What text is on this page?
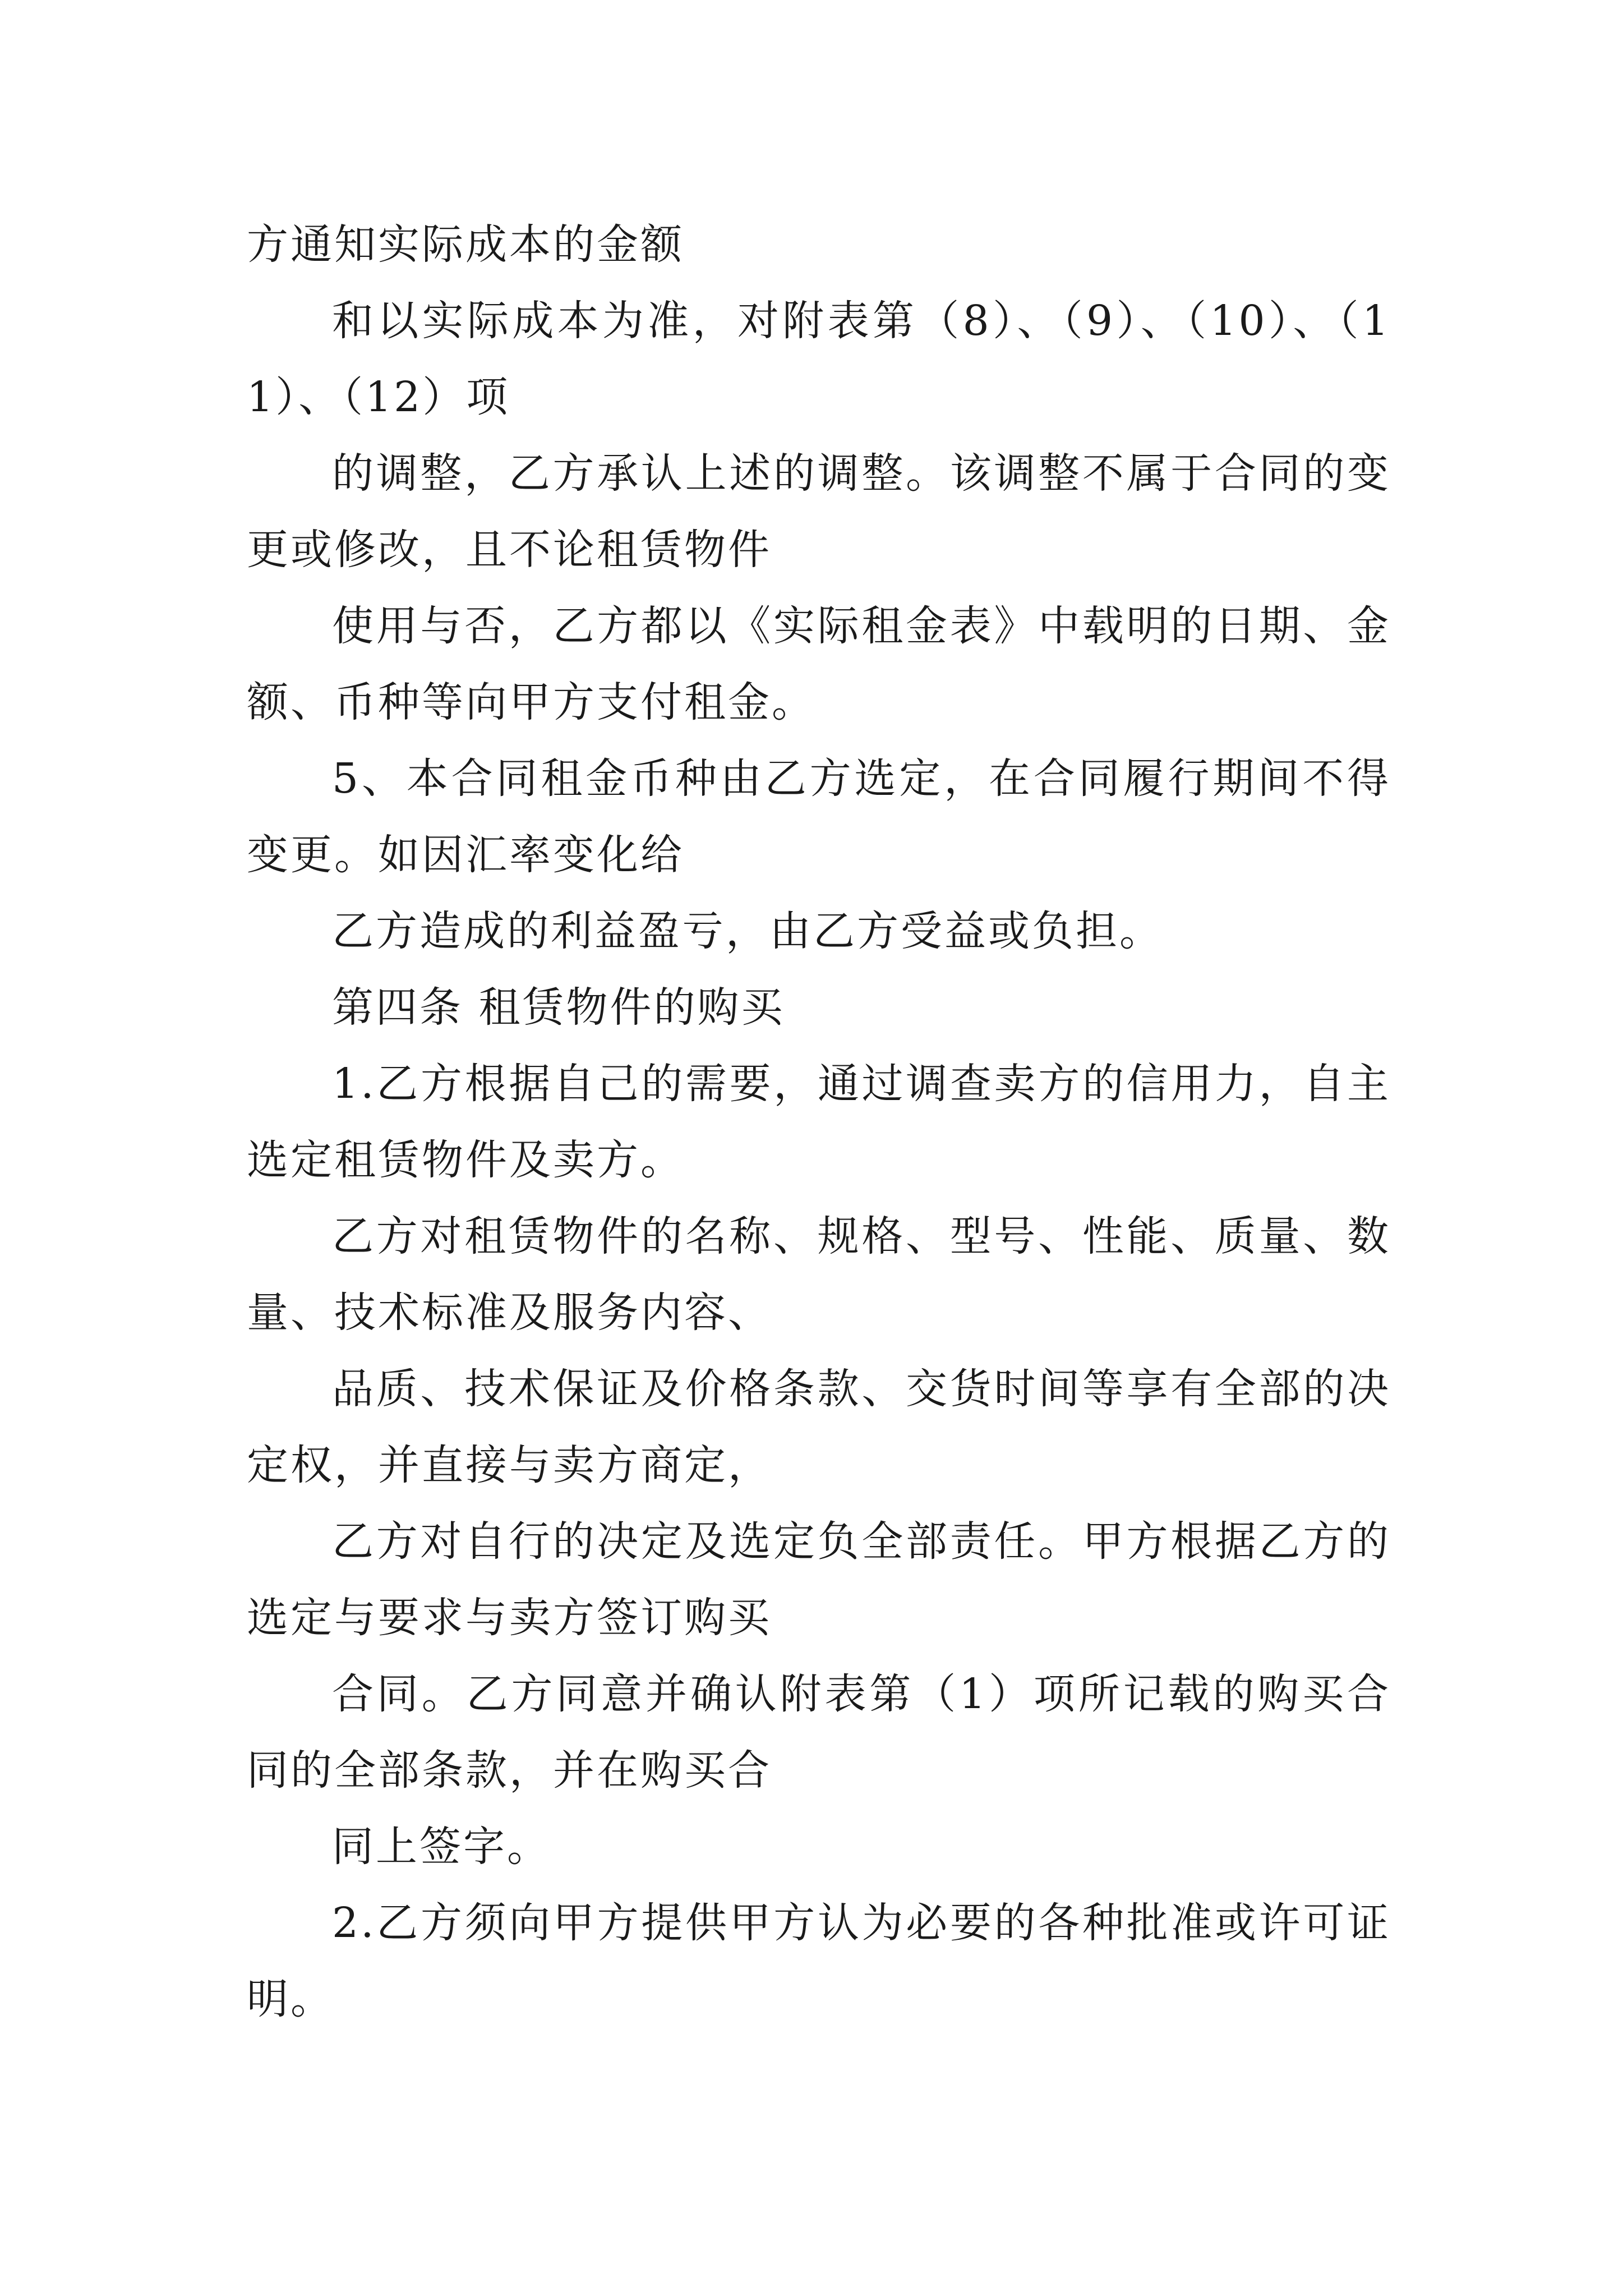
方通知实际成本的金额

和以实际成本为准，对附表第（8）、（9）、（10）、（11）、（12）项

的调整，乙方承认上述的调整。该调整不属于合同的变更或修改，且不论租赁物件

使用与否，乙方都以《实际租金表》中载明的日期、金额、币种等向甲方支付租金。

5、本合同租金币种由乙方选定，在合同履行期间不得变更。如因汇率变化给

乙方造成的利益盈亏，由乙方受益或负担。

第四条 租赁物件的购买

1.乙方根据自己的需要，通过调查卖方的信用力，自主选定租赁物件及卖方。

乙方对租赁物件的名称、规格、型号、性能、质量、数量、技术标准及服务内容、

品质、技术保证及价格条款、交货时间等享有全部的决定权，并直接与卖方商定，

乙方对自行的决定及选定负全部责任。甲方根据乙方的选定与要求与卖方签订购买

合同。乙方同意并确认附表第（1）项所记载的购买合同的全部条款，并在购买合

同上签字。

2.乙方须向甲方提供甲方认为必要的各种批准或许可证明。
